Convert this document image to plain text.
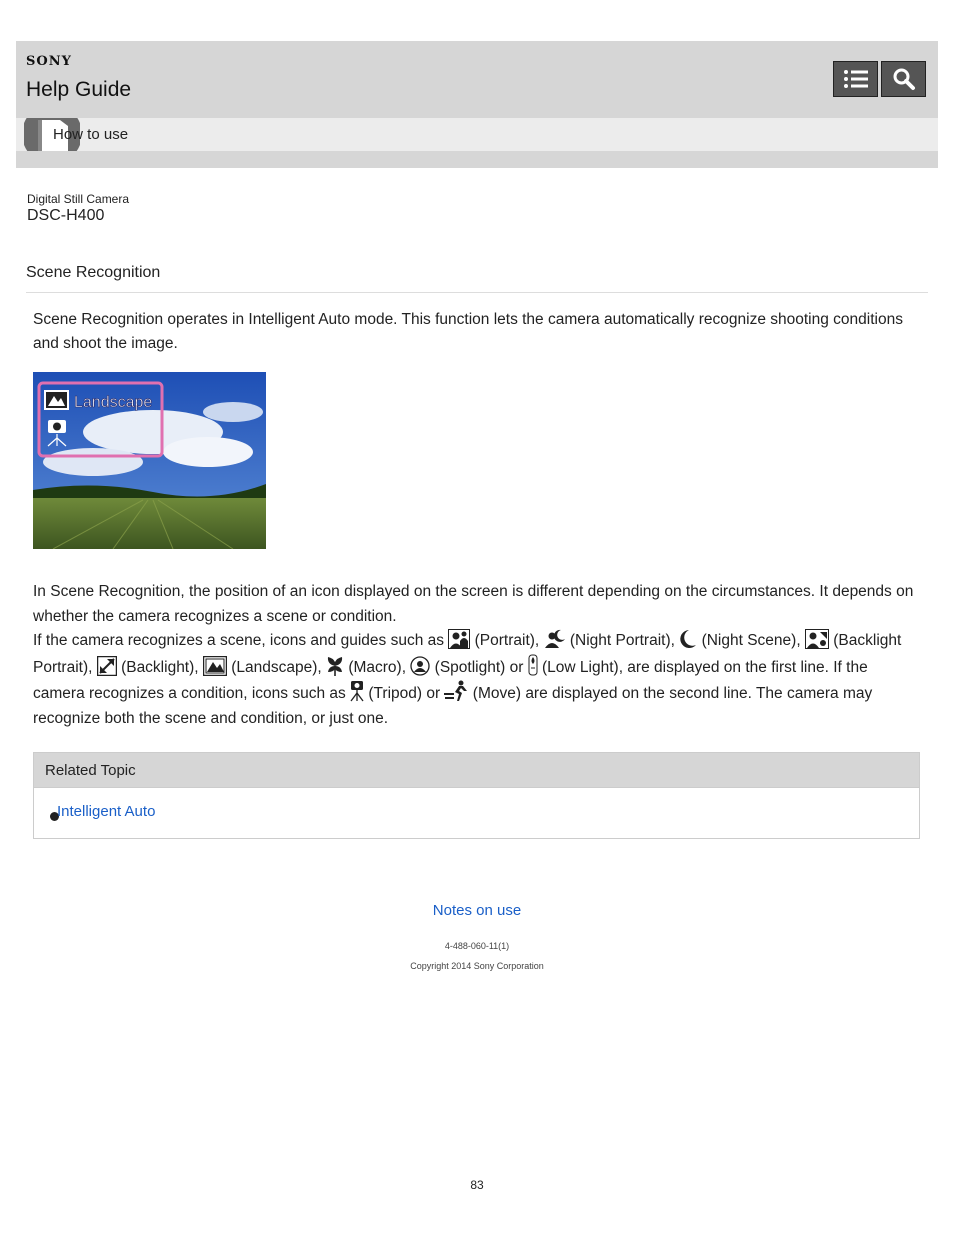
SONY
Help Guide
How to use
Digital Still Camera
DSC-H400
Scene Recognition
Scene Recognition operates in Intelligent Auto mode. This function lets the camera automatically recognize shooting conditions and shoot the image.
Landscape
In Scene Recognition, the position of an icon displayed on the screen is different depending on the circumstances. It depends on whether the camera recognizes a scene or condition.
If the camera recognizes a scene, icons and guides such as (Portrait), (Night Portrait), (Night Scene), (Backlight Portrait), (Backlight), (Landscape), (Macro), (Spotlight) or (Low Light), are displayed on the first line. If the camera recognizes a condition, icons such as (Tripod) or (Move) are displayed on the second line. The camera may recognize both the scene and condition, or just one.
Related Topic
Intelligent Auto
Notes on use
4-488-060-11(1)
Copyright 2014 Sony Corporation
83
